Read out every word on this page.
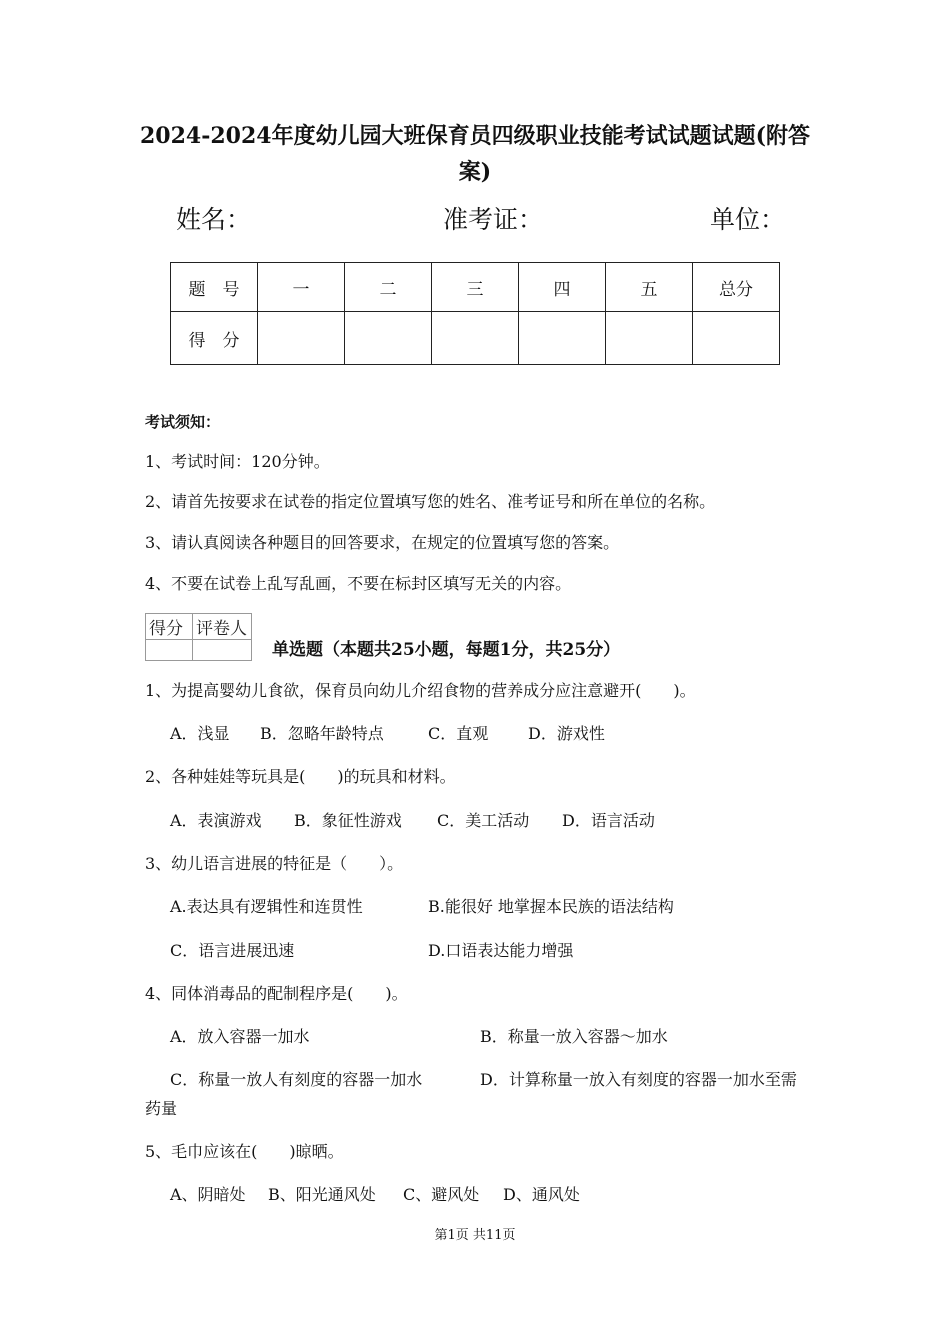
2024-2024年度幼儿园大班保育员四级职业技能考试试题试题(附答
案)
姓名：	准考证：	单位：
题　号	一	二	三	四	五	总分
得　分						
考试须知：
1、考试时间：120分钟。
2、请首先按要求在试卷的指定位置填写您的姓名、准考证号和所在单位的名称。
3、请认真阅读各种题目的回答要求，在规定的位置填写您的答案。
4、不要在试卷上乱写乱画，不要在标封区填写无关的内容。
得分	评卷人

单选题（本题共25小题，每题1分，共25分）
1、为提高婴幼儿食欲，保育员向幼儿介绍食物的营养成分应注意避开(　　)。
A．浅显 B．忽略年龄特点	C．直观 D．游戏性
2、各种娃娃等玩具是(　　)的玩具和材料。
A．表演游戏 B．象征性游戏 C．美工活动 D．语言活动
3、幼儿语言进展的特征是（　　）。
A.表达具有逻辑性和连贯性	B.能很好 地掌握本民族的语法结构
C．语言进展迅速	D.口语表达能力增强
4、同体消毒品的配制程序是(　　)。
A．放入容器一加水	B．称量一放入容器～加水
C．称量一放人有刻度的容器一加水	D．计算称量一放入有刻度的容器一加水至需
药量
5、毛巾应该在(　　)晾晒。
A、阴暗处 B、阳光通风处 C、避风处 D、通风处
第1页 共11页
